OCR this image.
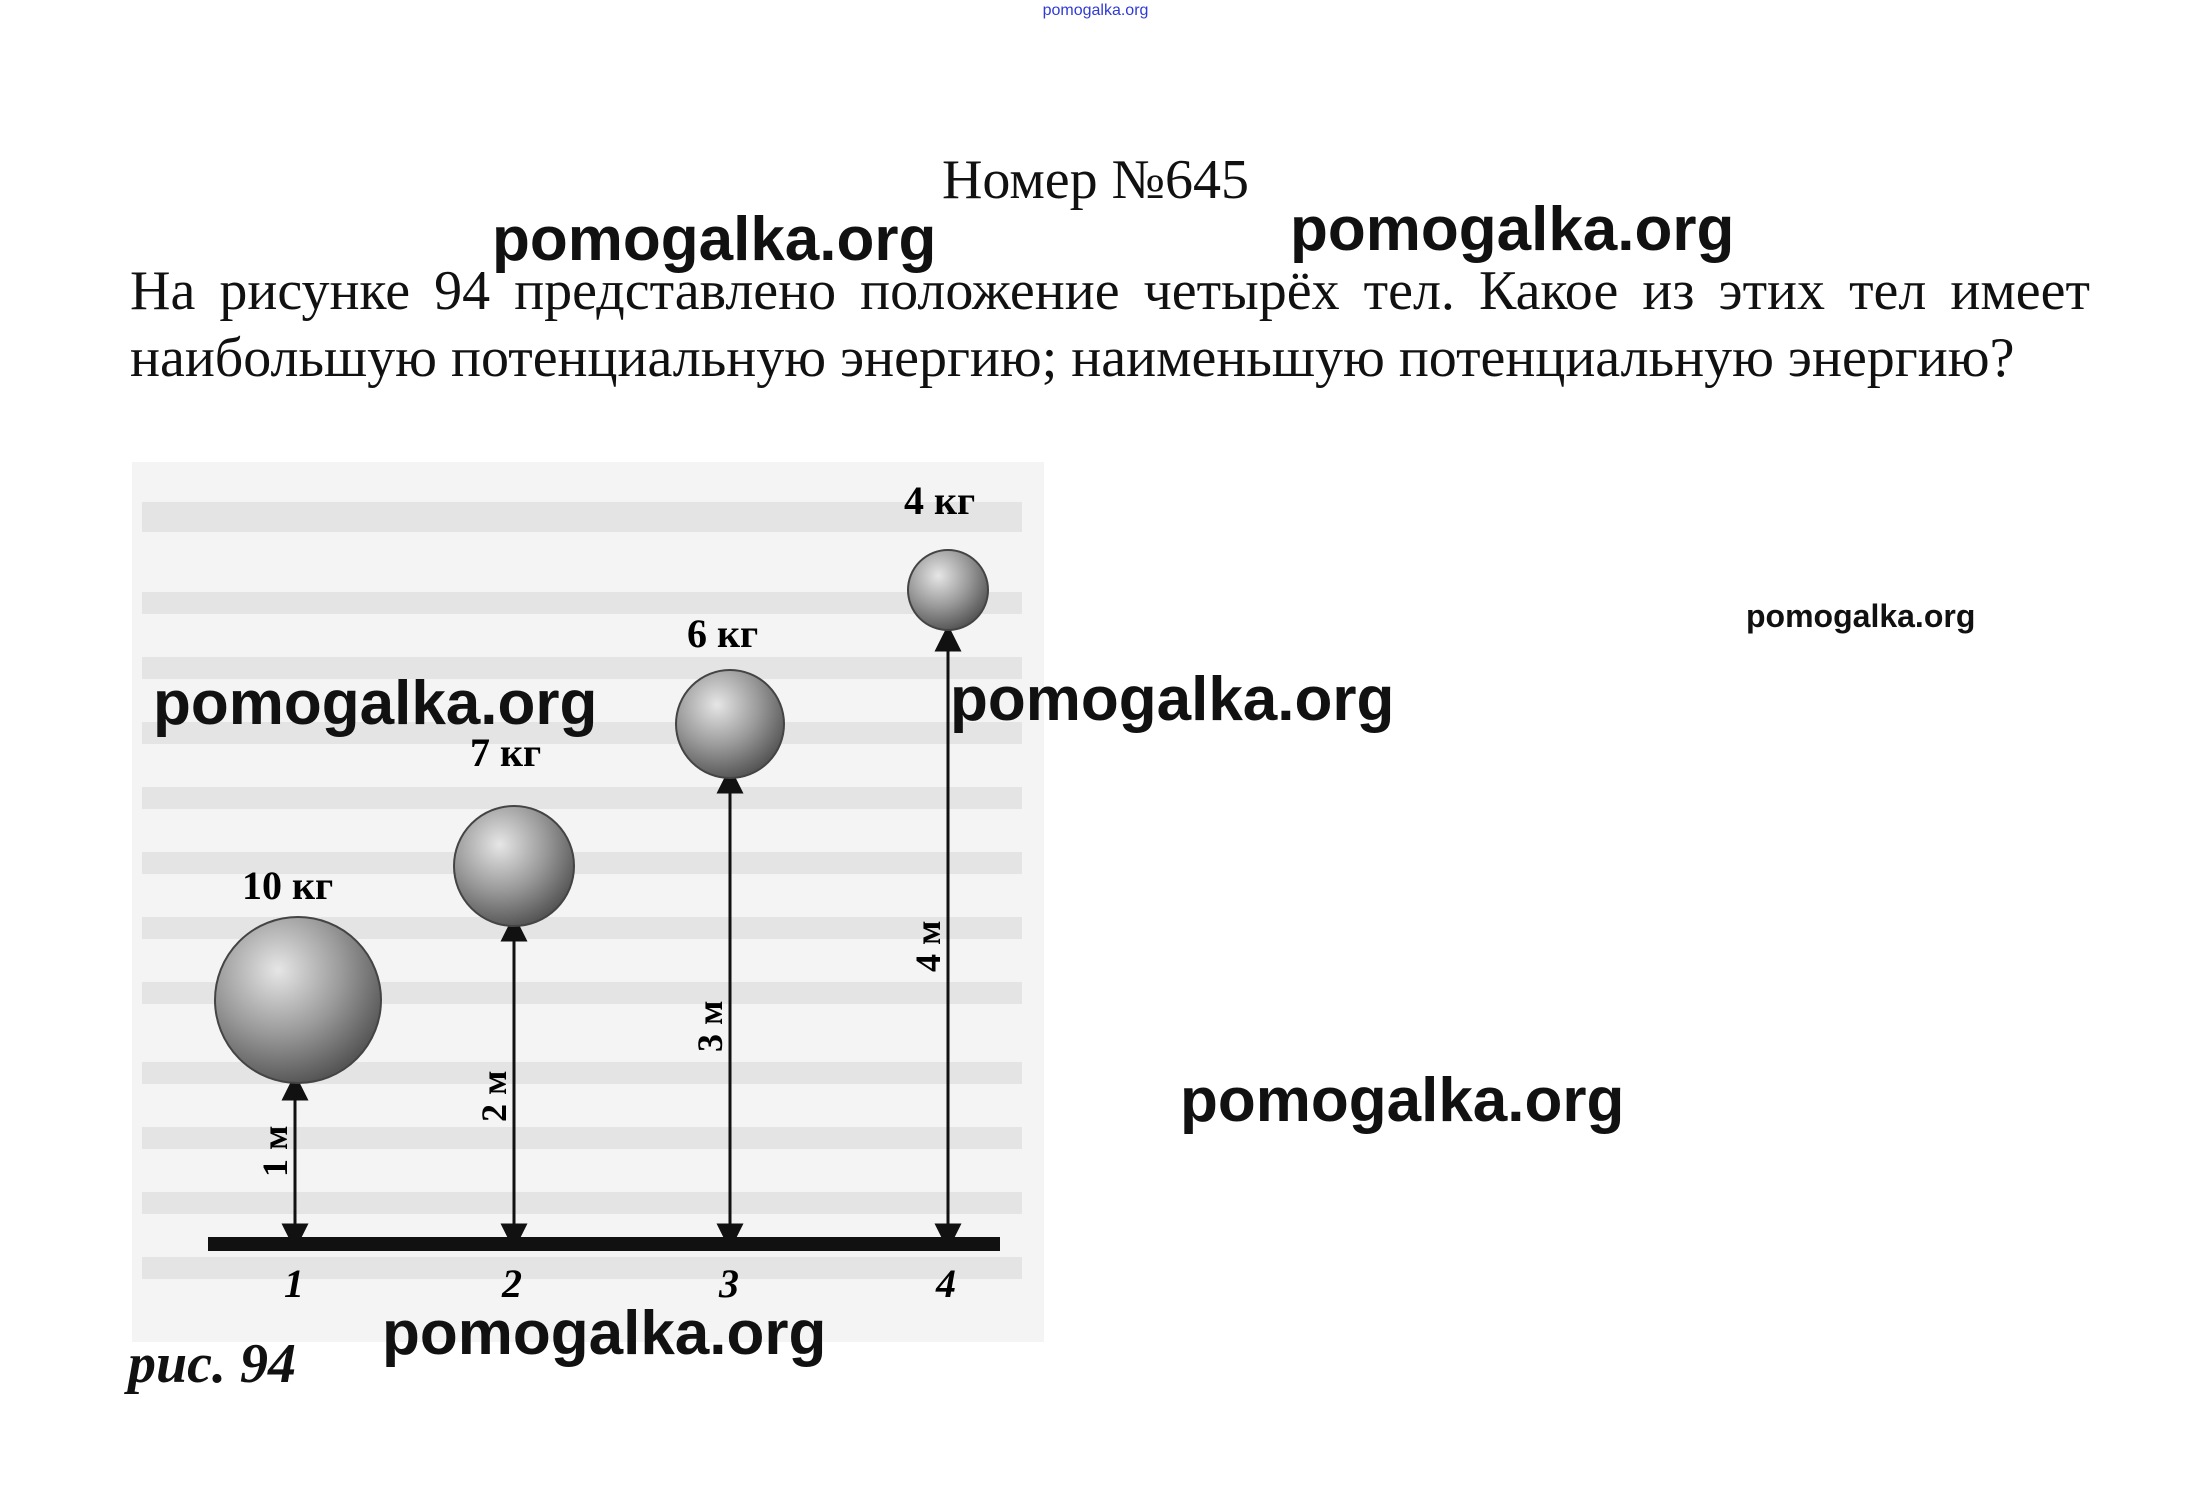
pomogalka.org
Номер №645
На рисунке 94 представлено положение четырёх тел. Какое из этих тел имеет наибольшую потенциальную энергию; наименьшую потенциальную энергию?
10 кг
1 м
1
7 кг
2 м
2
6 кг
3 м
3
4 кг
4 м
4
рис. 94
pomogalka.org	pomogalka.org
pomogalka.org
pomogalka.org	pomogalka.org
pomogalka.org
pomogalka.org
